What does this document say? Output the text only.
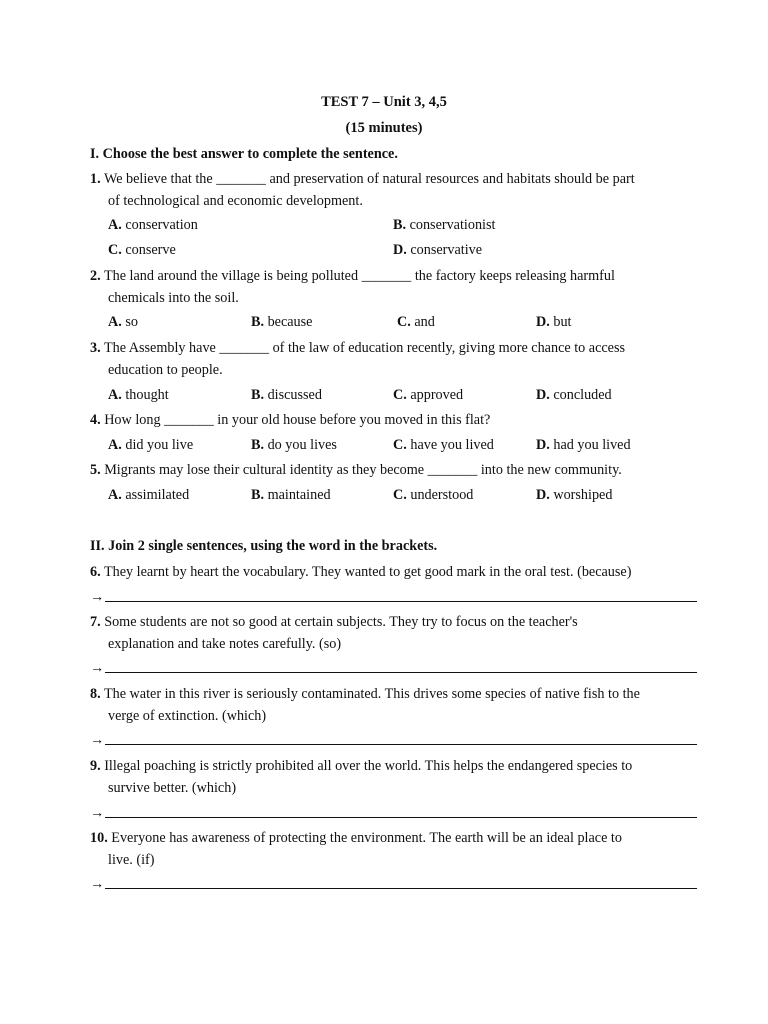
TEST 7 – Unit 3, 4,5
(15 minutes)
I. Choose the best answer to complete the sentence.
1. We believe that the _______ and preservation of natural resources and habitats should be part
of technological and economic development.
A. conservation	B. conservationist
C. conserve	D. conservative
2. The land around the village is being polluted _______ the factory keeps releasing harmful
chemicals into the soil.
A. so	B. because	C. and	D. but
3. The Assembly have _______ of the law of education recently, giving more chance to access
education to people.
A. thought	B. discussed	C. approved	D. concluded
4. How long _______ in your old house before you moved in this flat?
A. did you live	B. do you lives	C. have you lived	D. had you lived
5. Migrants may lose their cultural identity as they become _______ into the new community.
A. assimilated	B. maintained	C. understood	D. worshiped
II. Join 2 single sentences, using the word in the brackets.
6. They learnt by heart the vocabulary. They wanted to get good mark in the oral test. (because)
→
7. Some students are not so good at certain subjects. They try to focus on the teacher's
explanation and take notes carefully. (so)
→
8. The water in this river is seriously contaminated. This drives some species of native fish to the
verge of extinction. (which)
→
9. Illegal poaching is strictly prohibited all over the world. This helps the endangered species to
survive better. (which)
→
10. Everyone has awareness of protecting the environment. The earth will be an ideal place to
live. (if)
→
